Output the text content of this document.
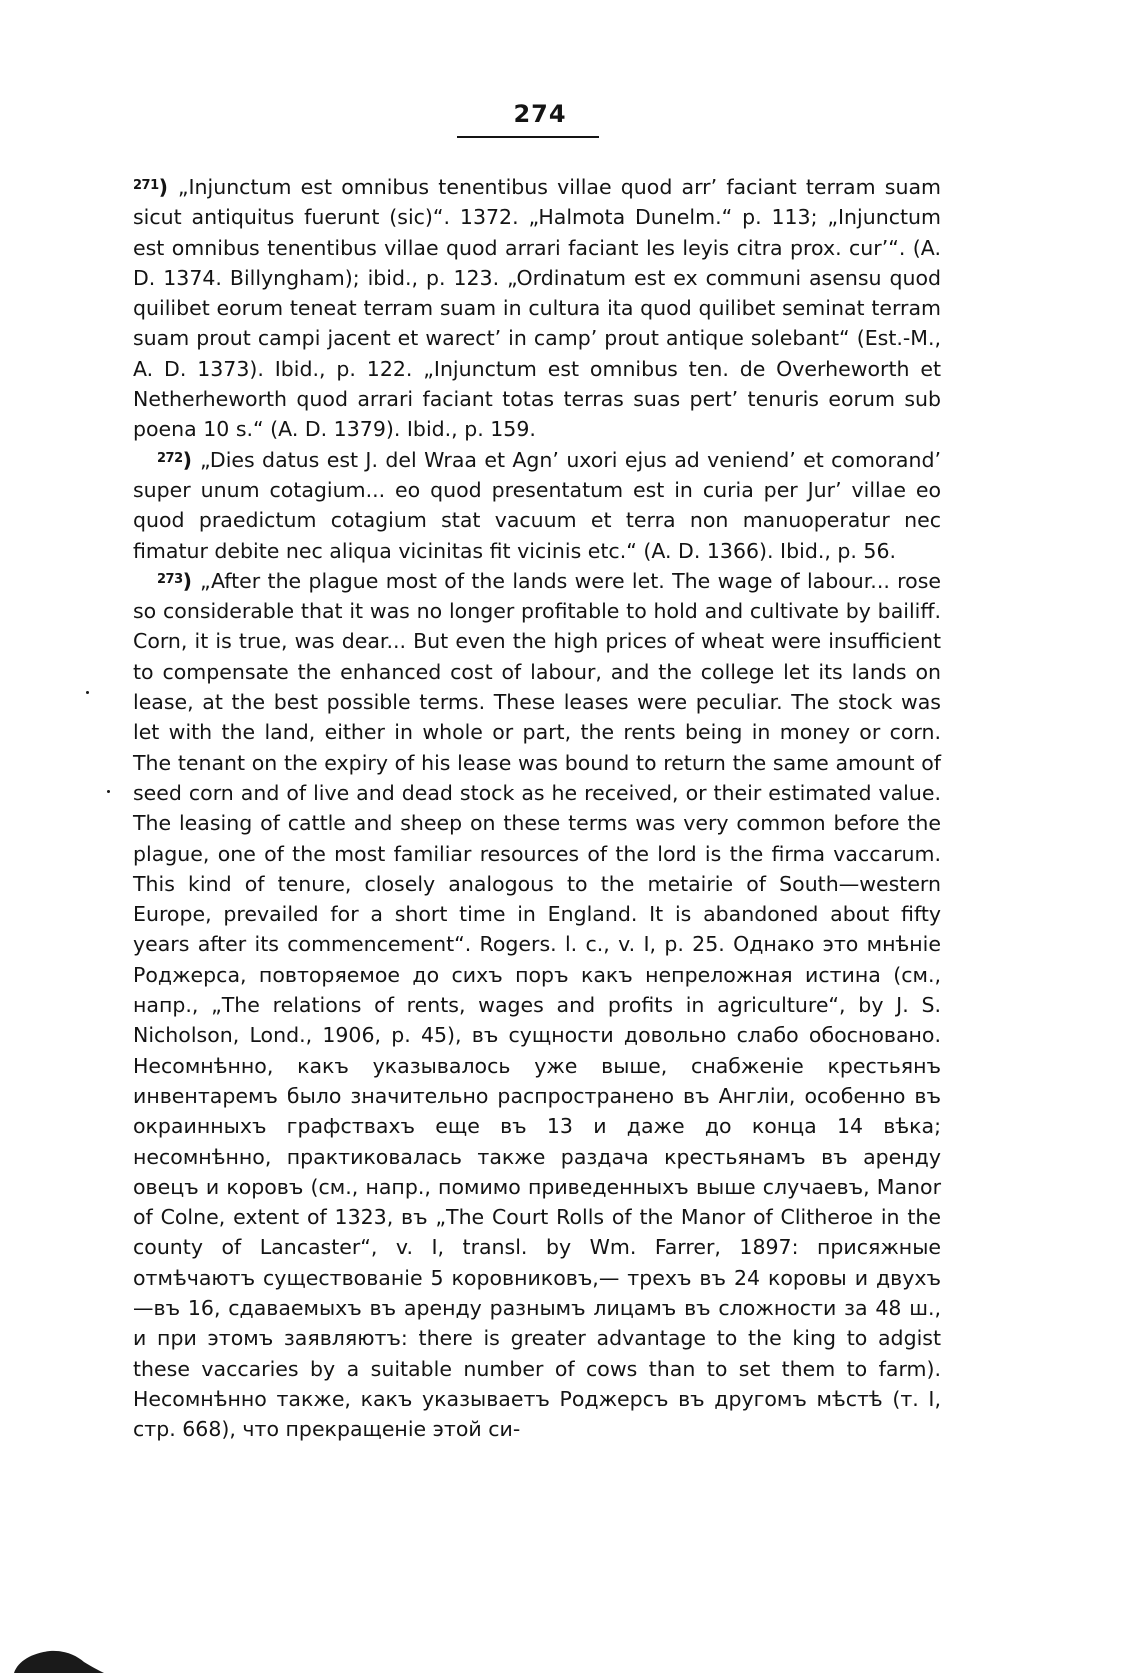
274

$^{271}$) „Injunctum est omnibus tenentibus villae quod arr’ faciant terram suam sicut antiquitus fuerunt (sic)“. 1372. „Halmota Dunelm.“ p. 113; „Injunctum est omnibus tenentibus villae quod arrari faciant les leyis citra prox. cur’“. (A. D. 1374. Billyngham); ibid., p. 123. „Ordinatum est ex communi asensu quod quilibet eorum teneat terram suam in cultura ita quod quilibet seminat terram suam prout campi jacent et warect’ in camp’ prout antique solebant“ (Est.-M., A. D. 1373). Ibid., p. 122. „Injunctum est omnibus ten. de Overheworth et Netherheworth quod arrari faciant totas terras suas pert’ tenuris eorum sub poena 10 s.“ (A. D. 1379). Ibid., p. 159.

$^{272}$) „Dies datus est J. del Wraa et Agn’ uxori ejus ad veniend’ et comorand’ super unum cotagium... eo quod presentatum est in curia per Jur’ villae eo quod praedictum cotagium stat vacuum et terra non manuoperatur nec fimatur debite nec aliqua vicinitas fit vicinis etc.“ (A. D. 1366). Ibid., p. 56.

$^{273}$) „After the plague most of the lands were let. The wage of labour... rose so considerable that it was no longer profitable to hold and cultivate by bailiff. Corn, it is true, was dear... But even the high prices of wheat were insufficient to compensate the enhanced cost of labour, and the college let its lands on lease, at the best possible terms. These leases were peculiar. The stock was let with the land, either in whole or part, the rents being in money or corn. The tenant on the expiry of his lease was bound to return the same amount of seed corn and of live and dead stock as he received, or their estimated value. The leasing of cattle and sheep on these terms was very common before the plague, one of the most familiar resources of the lord is the firma vaccarum. This kind of tenure, closely analogous to the metairie of South—western Europe, prevailed for a short time in England. It is abandoned about fifty years after its commencement“. Rogers. l. c., v. I, p. 25. Однако это мнѣніе Роджерса, повторяемое до сихъ поръ какъ непреложная истина (см., напр., „The relations of rents, wages and profits in agriculture“, by J. S. Nicholson, Lond., 1906, p. 45), въ сущности довольно слабо обосновано. Несомнѣнно, какъ указывалось уже выше, снабженіе крестьянъ инвентаремъ было значительно распространено въ Англіи, особенно въ окраинныхъ графствахъ еще въ 13 и даже до конца 14 вѣка; несомнѣнно, практиковалась также раздача крестьянамъ въ аренду овецъ и коровъ (см., напр., помимо приведенныхъ выше случаевъ, Manor of Colne, extent of 1323, въ „The Court Rolls of the Manor of Clitheroe in the county of Lancaster“, v. I, transl. by Wm. Farrer, 1897: присяжные отмѣчаютъ существованіе 5 коровниковъ,— трехъ въ 24 коровы и двухъ—въ 16, сдаваемыхъ въ аренду разнымъ лицамъ въ сложности за 48 ш., и при этомъ заявляютъ: there is greater advantage to the king to adgist these vaccaries by a suitable number of cows than to set them to farm). Несомнѣнно также, какъ указываетъ Роджерсъ въ другомъ мѣстѣ (т. I, стр. 668), что прекращеніе этой си-
